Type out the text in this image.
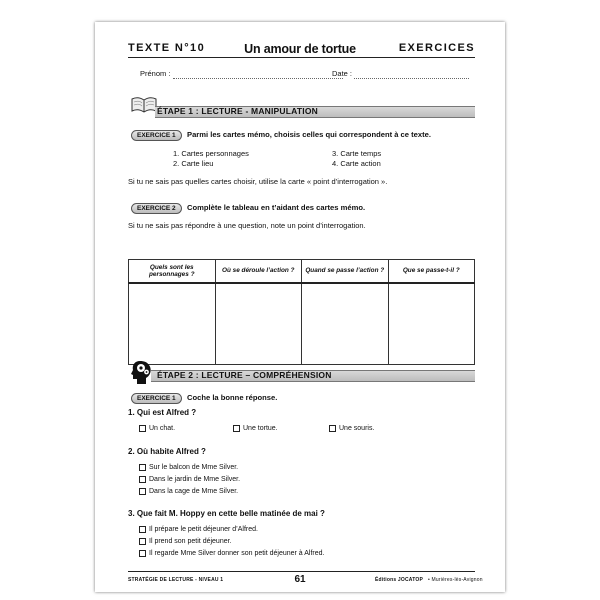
Un amour de tortue
TEXTE N°10	EXERCICES
Prénom :	Date :
ÉTAPE 1 : LECTURE - MANIPULATION
EXERCICE 1	Parmi les cartes mémo, choisis celles qui correspondent à ce texte.
1. Cartes personnages
2. Carte lieu
3. Carte temps
4. Carte action
Si tu ne sais pas quelles cartes choisir, utilise la carte « point d’interrogation ».
EXERCICE 2	Complète le tableau en t’aidant des cartes mémo.
Si tu ne sais pas répondre à une question, note un point d’interrogation.
Quels sont les personnages ?	Où se déroule l’action ?	Quand se passe l’action ?	Que se passe-t-il ?

ÉTAPE 2 : LECTURE – COMPRÉHENSION
EXERCICE 1	Coche la bonne réponse.
1. Qui est Alfred ?
Un chat.	Une tortue.	Une souris.
2. Où habite Alfred ?
Sur le balcon de Mme Silver.
Dans le jardin de Mme Silver.
Dans la cage de Mme Silver.
3. Que fait M. Hoppy en cette belle matinée de mai ?
Il prépare le petit déjeuner d’Alfred.
Il prend son petit déjeuner.
Il regarde Mme Silver donner son petit déjeuner à Alfred.
STRATÉGIE DE LECTURE - NIVEAU 1	61	Éditions JOCATOP • Murières-lès-Avignon
